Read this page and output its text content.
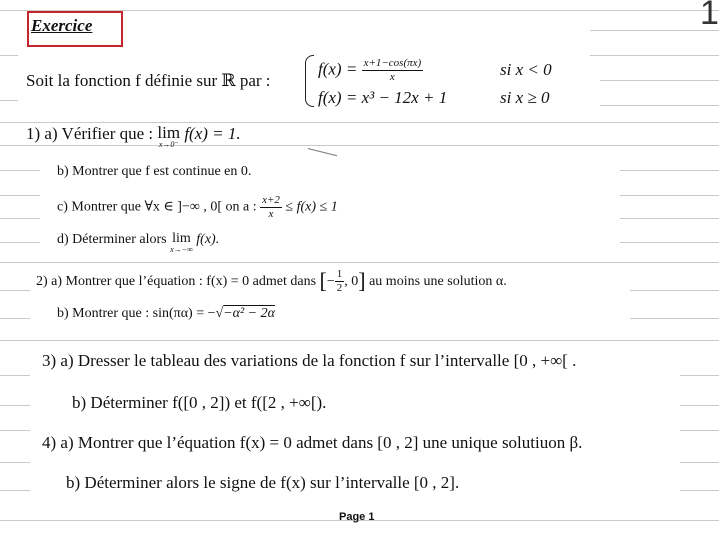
1
Exercice
Soit la fonction f définie sur ℝ par :
$f(x) = \frac{x+1-\cos(\pi x)}{x}$	si x < 0
f(x) = x³ − 12x + 1	si x ≥ 0
1) a) Vérifier que : lim
x→0⁻
f(x) = 1.
b) Montrer que f est continue en 0.
c) Montrer que ∀x ∈ ]−∞ , 0[ on a : $\frac{x+2}{x} \le f(x) \le 1$
d) Déterminer alors lim
x→−∞
f(x).
2) a) Montrer que l’équation : f(x) = 0 admet dans [− $\frac{1}{2}$ , 0] au moins une solution α.
b) Montrer que : sin(πα) = −√−α² − 2α
3) a) Dresser le tableau des variations de la fonction f sur l’intervalle [0 , +∞[ .
b) Déterminer f([0 , 2]) et f([2 , +∞[).
4) a) Montrer que l’équation f(x) = 0 admet dans [0 , 2] une unique solutiuon β.
b) Déterminer alors le signe de f(x) sur l’intervalle [0 , 2].
Page 1
